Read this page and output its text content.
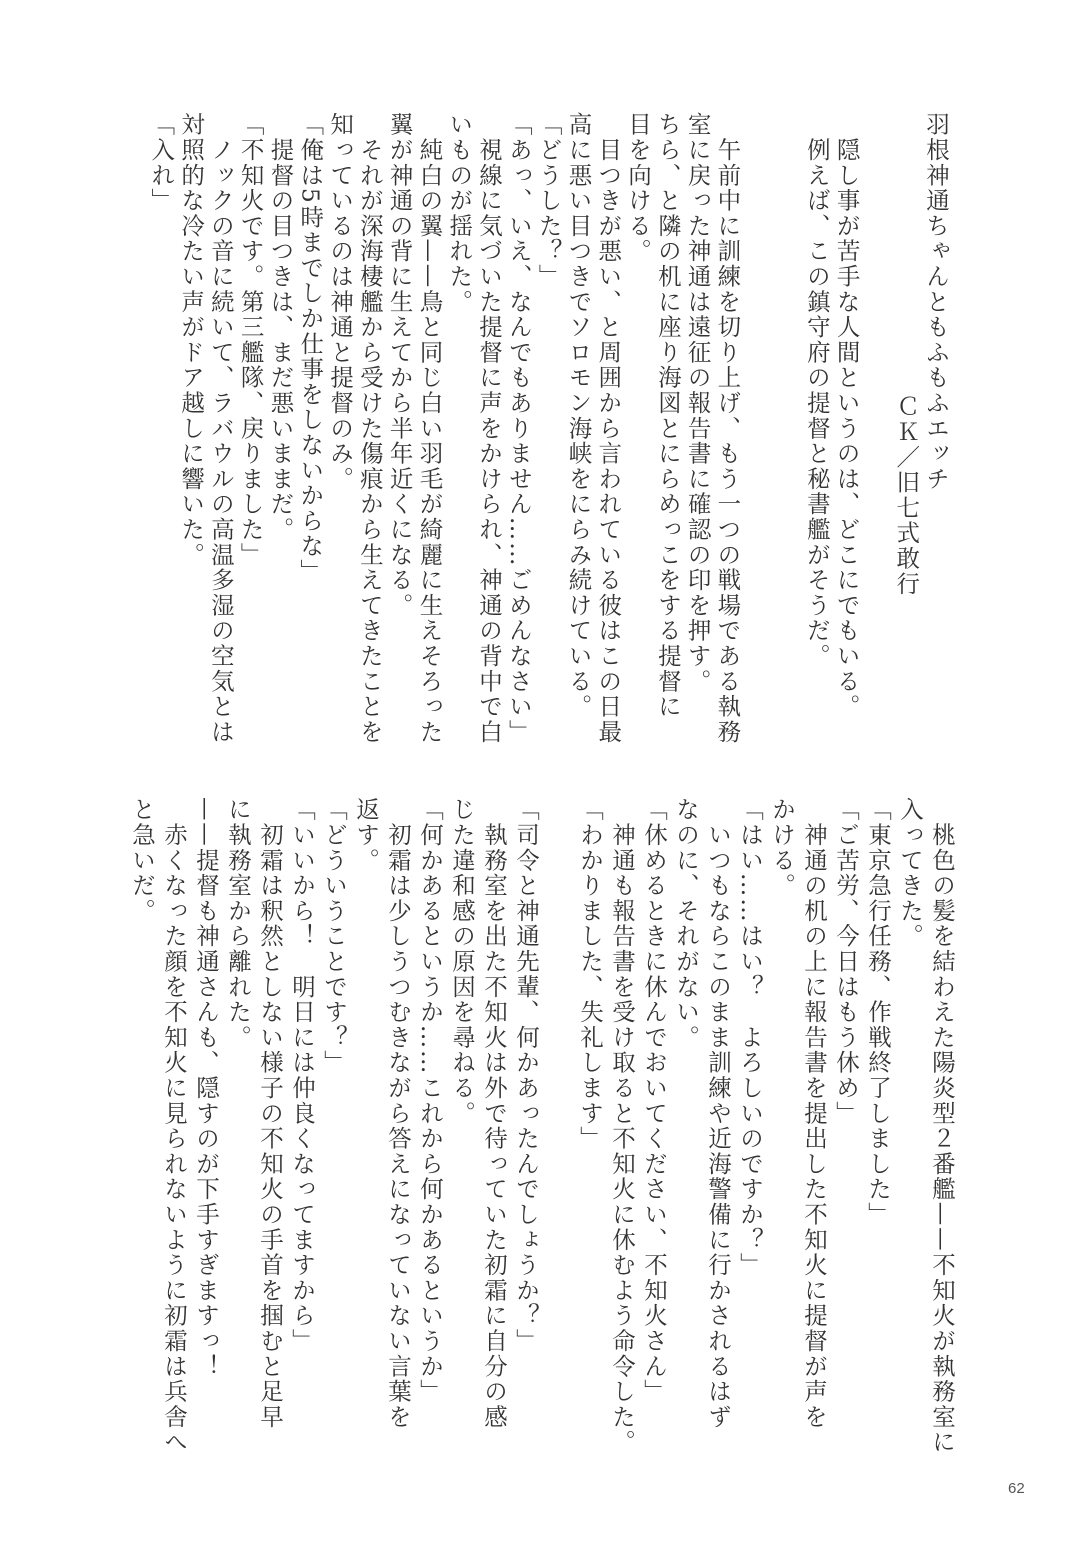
羽根神通ちゃんともふもふエッチ
ＣＫ／旧七式敢行
　隠し事が苦手な人間というのは、どこにでもいる。
　例えば、この鎮守府の提督と秘書艦がそうだ。
　午前中に訓練を切り上げ、もう一つの戦場である執務
室に戻った神通は遠征の報告書に確認の印を押す。
ちら、と隣の机に座り海図とにらめっこをする提督に
目を向ける。
　目つきが悪い、と周囲から言われている彼はこの日最
高に悪い目つきでソロモン海峡をにらみ続けている。
「どうした？」
「あっ、いえ、なんでもありません……ごめんなさい」
　視線に気づいた提督に声をかけられ、神通の背中で白
いものが揺れた。
　純白の翼——鳥と同じ白い羽毛が綺麗に生えそろった
翼が神通の背に生えてから半年近くになる。
　それが深海棲艦から受けた傷痕から生えてきたことを
知っているのは神通と提督のみ。
「俺は5時までしか仕事をしないからな」
　提督の目つきは、まだ悪いままだ。
「不知火です。第三艦隊、戻りました」
　ノックの音に続いて、ラバウルの高温多湿の空気とは
対照的な冷たい声がドア越しに響いた。
「入れ」
　桃色の髪を結わえた陽炎型２番艦——不知火が執務室に
入ってきた。
「東京急行任務、作戦終了しました」
「ご苦労、今日はもう休め」
　神通の机の上に報告書を提出した不知火に提督が声を
かける。
「はい……はい？　よろしいのですか？」
　いつもならこのまま訓練や近海警備に行かされるはず
なのに、それがない。
「休めるときに休んでおいてください、不知火さん」
　神通も報告書を受け取ると不知火に休むよう命令した。
「わかりました、失礼します」
「司令と神通先輩、何かあったんでしょうか？」
　執務室を出た不知火は外で待っていた初霜に自分の感
じた違和感の原因を尋ねる。
「何かあるというか……これから何かあるというか」
　初霜は少しうつむきながら答えになっていない言葉を
返す。
「どういうことです？」
「いいから！　明日には仲良くなってますから」
　初霜は釈然としない様子の不知火の手首を掴むと足早
に執務室から離れた。
——提督も神通さんも、隠すのが下手すぎますっ！
　赤くなった顔を不知火に見られないように初霜は兵舎へ
と急いだ。
62
